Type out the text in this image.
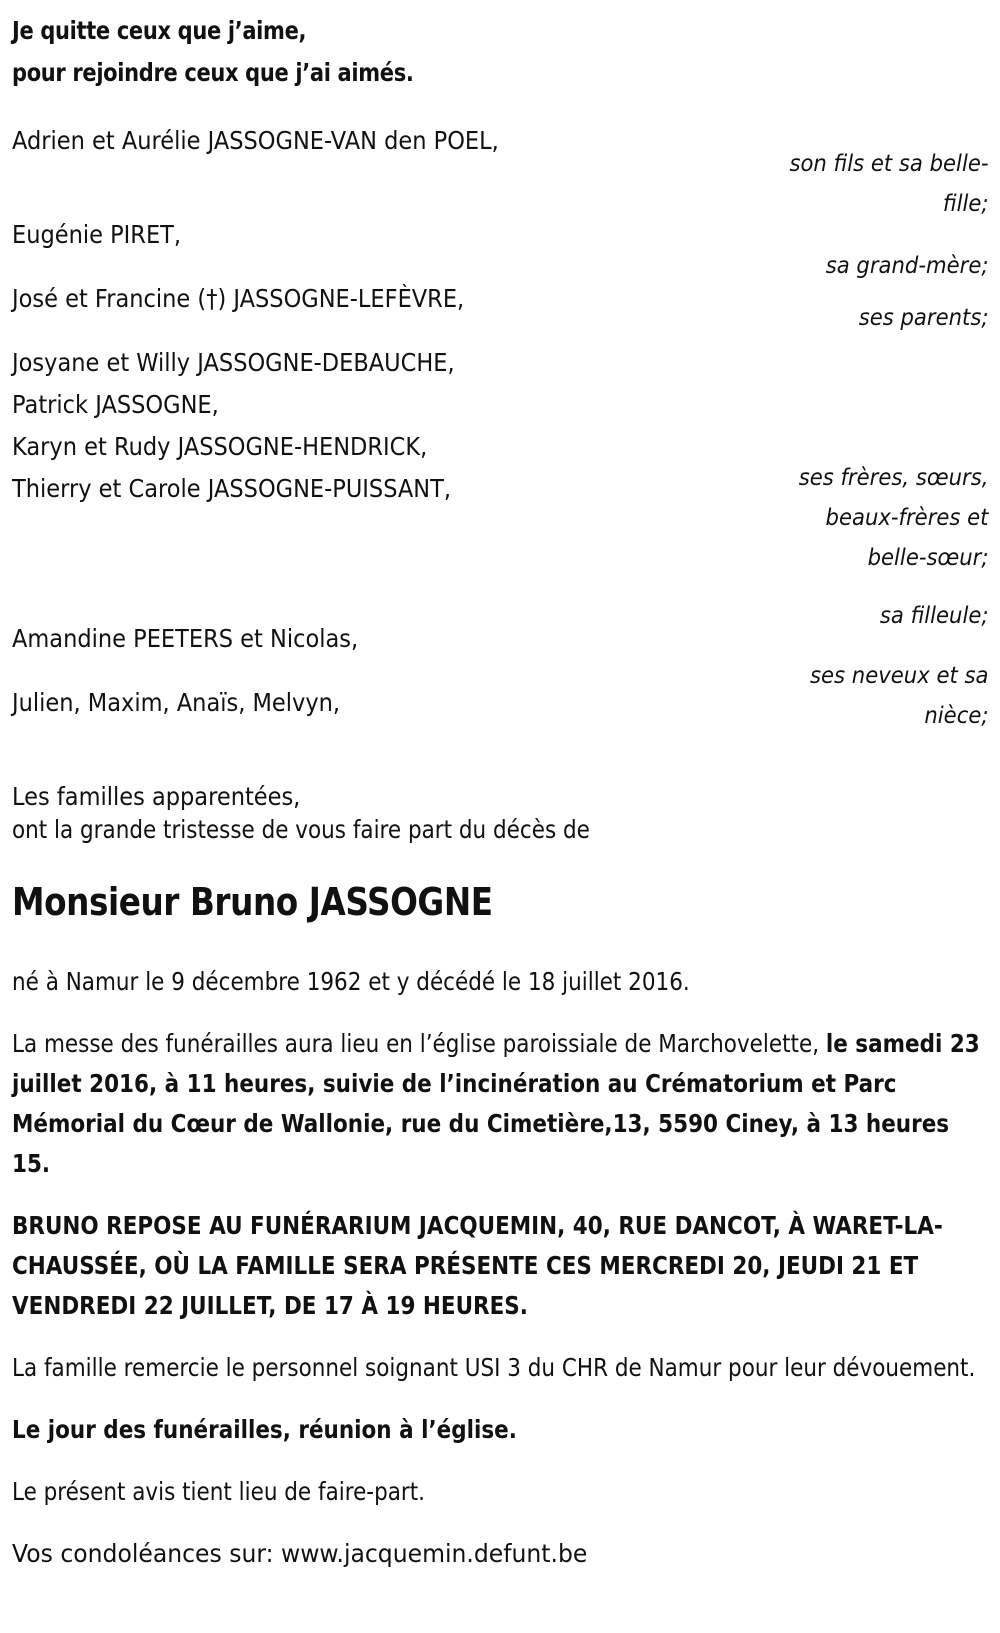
Je quitte ceux que j’aime,
pour rejoindre ceux que j’ai aimés.
Adrien et Aurélie JASSOGNE-VAN den POEL,
Eugénie PIRET,
José et Francine (†) JASSOGNE-LEFÈVRE,
Josyane et Willy JASSOGNE-DEBAUCHE,
Patrick JASSOGNE,
Karyn et Rudy JASSOGNE-HENDRICK,
Thierry et Carole JASSOGNE-PUISSANT,
Amandine PEETERS et Nicolas,
Julien, Maxim, Anaïs, Melvyn,
Les familles apparentées,
son fils et sa belle-
fille;
sa grand-mère;
ses parents;
ses frères, sœurs,
beaux-frères et
belle-sœur;
sa filleule;
ses neveux et sa
nièce;

ont la grande tristesse de vous faire part du décès de

Monsieur Bruno JASSOGNE

né à Namur le 9 décembre 1962 et y décédé le 18 juillet 2016.

La messe des funérailles aura lieu en l’église paroissiale de Marchovelette, le samedi 23 juillet 2016, à 11 heures, suivie de l’incinération au Crématorium et Parc Mémorial du Cœur de Wallonie, rue du Cimetière,13, 5590 Ciney, à 13 heures 15.

BRUNO REPOSE AU FUNÉRARIUM JACQUEMIN, 40, RUE DANCOT, À WARET-LA-CHAUSSÉE, OÙ LA FAMILLE SERA PRÉSENTE CES MERCREDI 20, JEUDI 21 ET VENDREDI 22 JUILLET, DE 17 À 19 HEURES.

La famille remercie le personnel soignant USI 3 du CHR de Namur pour leur dévouement.

Le jour des funérailles, réunion à l’église.

Le présent avis tient lieu de faire-part.

Vos condoléances sur: www.jacquemin.defunt.be
